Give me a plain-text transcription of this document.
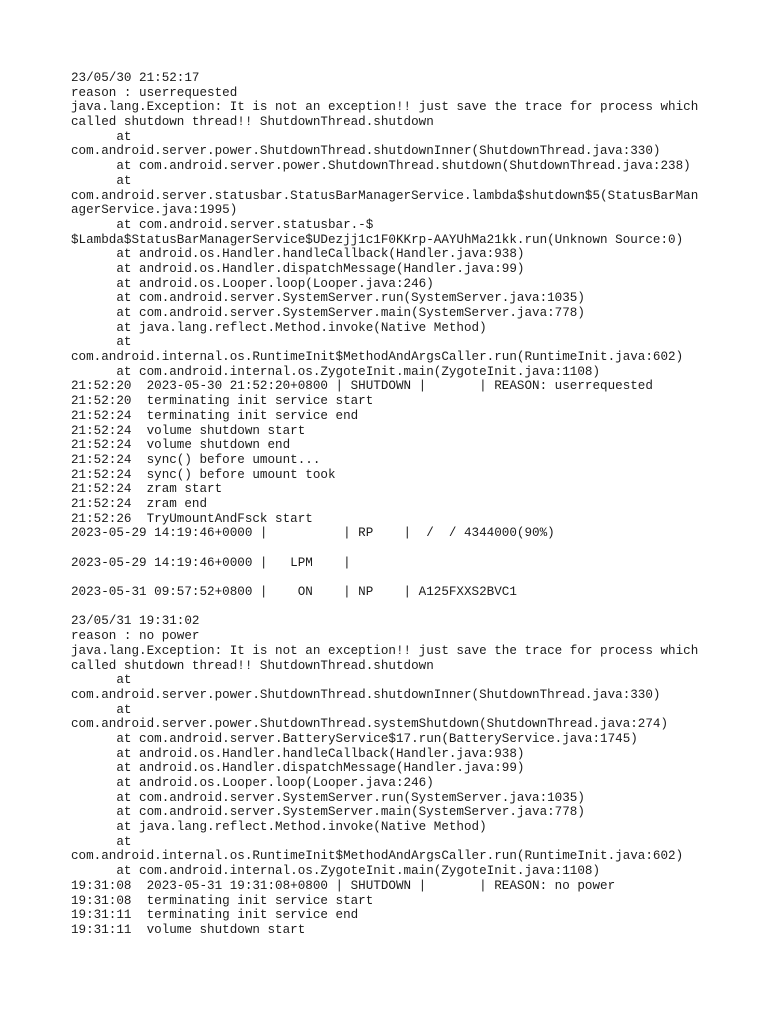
23/05/30 21:52:17
reason : userrequested
java.lang.Exception: It is not an exception!! just save the trace for process which
called shutdown thread!! ShutdownThread.shutdown
at
com.android.server.power.ShutdownThread.shutdownInner(ShutdownThread.java:330)
at com.android.server.power.ShutdownThread.shutdown(ShutdownThread.java:238)
at
com.android.server.statusbar.StatusBarManagerService.lambda$shutdown$5(StatusBarMan
agerService.java:1995)
at com.android.server.statusbar.-$
$Lambda$StatusBarManagerService$UDezjj1c1F0KKrp-AAYUhMa21kk.run(Unknown Source:0)
at android.os.Handler.handleCallback(Handler.java:938)
at android.os.Handler.dispatchMessage(Handler.java:99)
at android.os.Looper.loop(Looper.java:246)
at com.android.server.SystemServer.run(SystemServer.java:1035)
at com.android.server.SystemServer.main(SystemServer.java:778)
at java.lang.reflect.Method.invoke(Native Method)
at
com.android.internal.os.RuntimeInit$MethodAndArgsCaller.run(RuntimeInit.java:602)
at com.android.internal.os.ZygoteInit.main(ZygoteInit.java:1108)
21:52:20  2023-05-30 21:52:20+0800 | SHUTDOWN |       | REASON: userrequested
21:52:20  terminating init service start
21:52:24  terminating init service end
21:52:24  volume shutdown start
21:52:24  volume shutdown end
21:52:24  sync() before umount...
21:52:24  sync() before umount took
21:52:24  zram start
21:52:24  zram end
21:52:26  TryUmountAndFsck start
2023-05-29 14:19:46+0000 |          | RP    |  /  / 4344000(90%)
2023-05-29 14:19:46+0000 |   LPM    |
2023-05-31 09:57:52+0800 |    ON    | NP    | A125FXXS2BVC1
23/05/31 19:31:02
reason : no power
java.lang.Exception: It is not an exception!! just save the trace for process which
called shutdown thread!! ShutdownThread.shutdown
at
com.android.server.power.ShutdownThread.shutdownInner(ShutdownThread.java:330)
at
com.android.server.power.ShutdownThread.systemShutdown(ShutdownThread.java:274)
at com.android.server.BatteryService$17.run(BatteryService.java:1745)
at android.os.Handler.handleCallback(Handler.java:938)
at android.os.Handler.dispatchMessage(Handler.java:99)
at android.os.Looper.loop(Looper.java:246)
at com.android.server.SystemServer.run(SystemServer.java:1035)
at com.android.server.SystemServer.main(SystemServer.java:778)
at java.lang.reflect.Method.invoke(Native Method)
at
com.android.internal.os.RuntimeInit$MethodAndArgsCaller.run(RuntimeInit.java:602)
at com.android.internal.os.ZygoteInit.main(ZygoteInit.java:1108)
19:31:08  2023-05-31 19:31:08+0800 | SHUTDOWN |       | REASON: no power
19:31:08  terminating init service start
19:31:11  terminating init service end
19:31:11  volume shutdown start
